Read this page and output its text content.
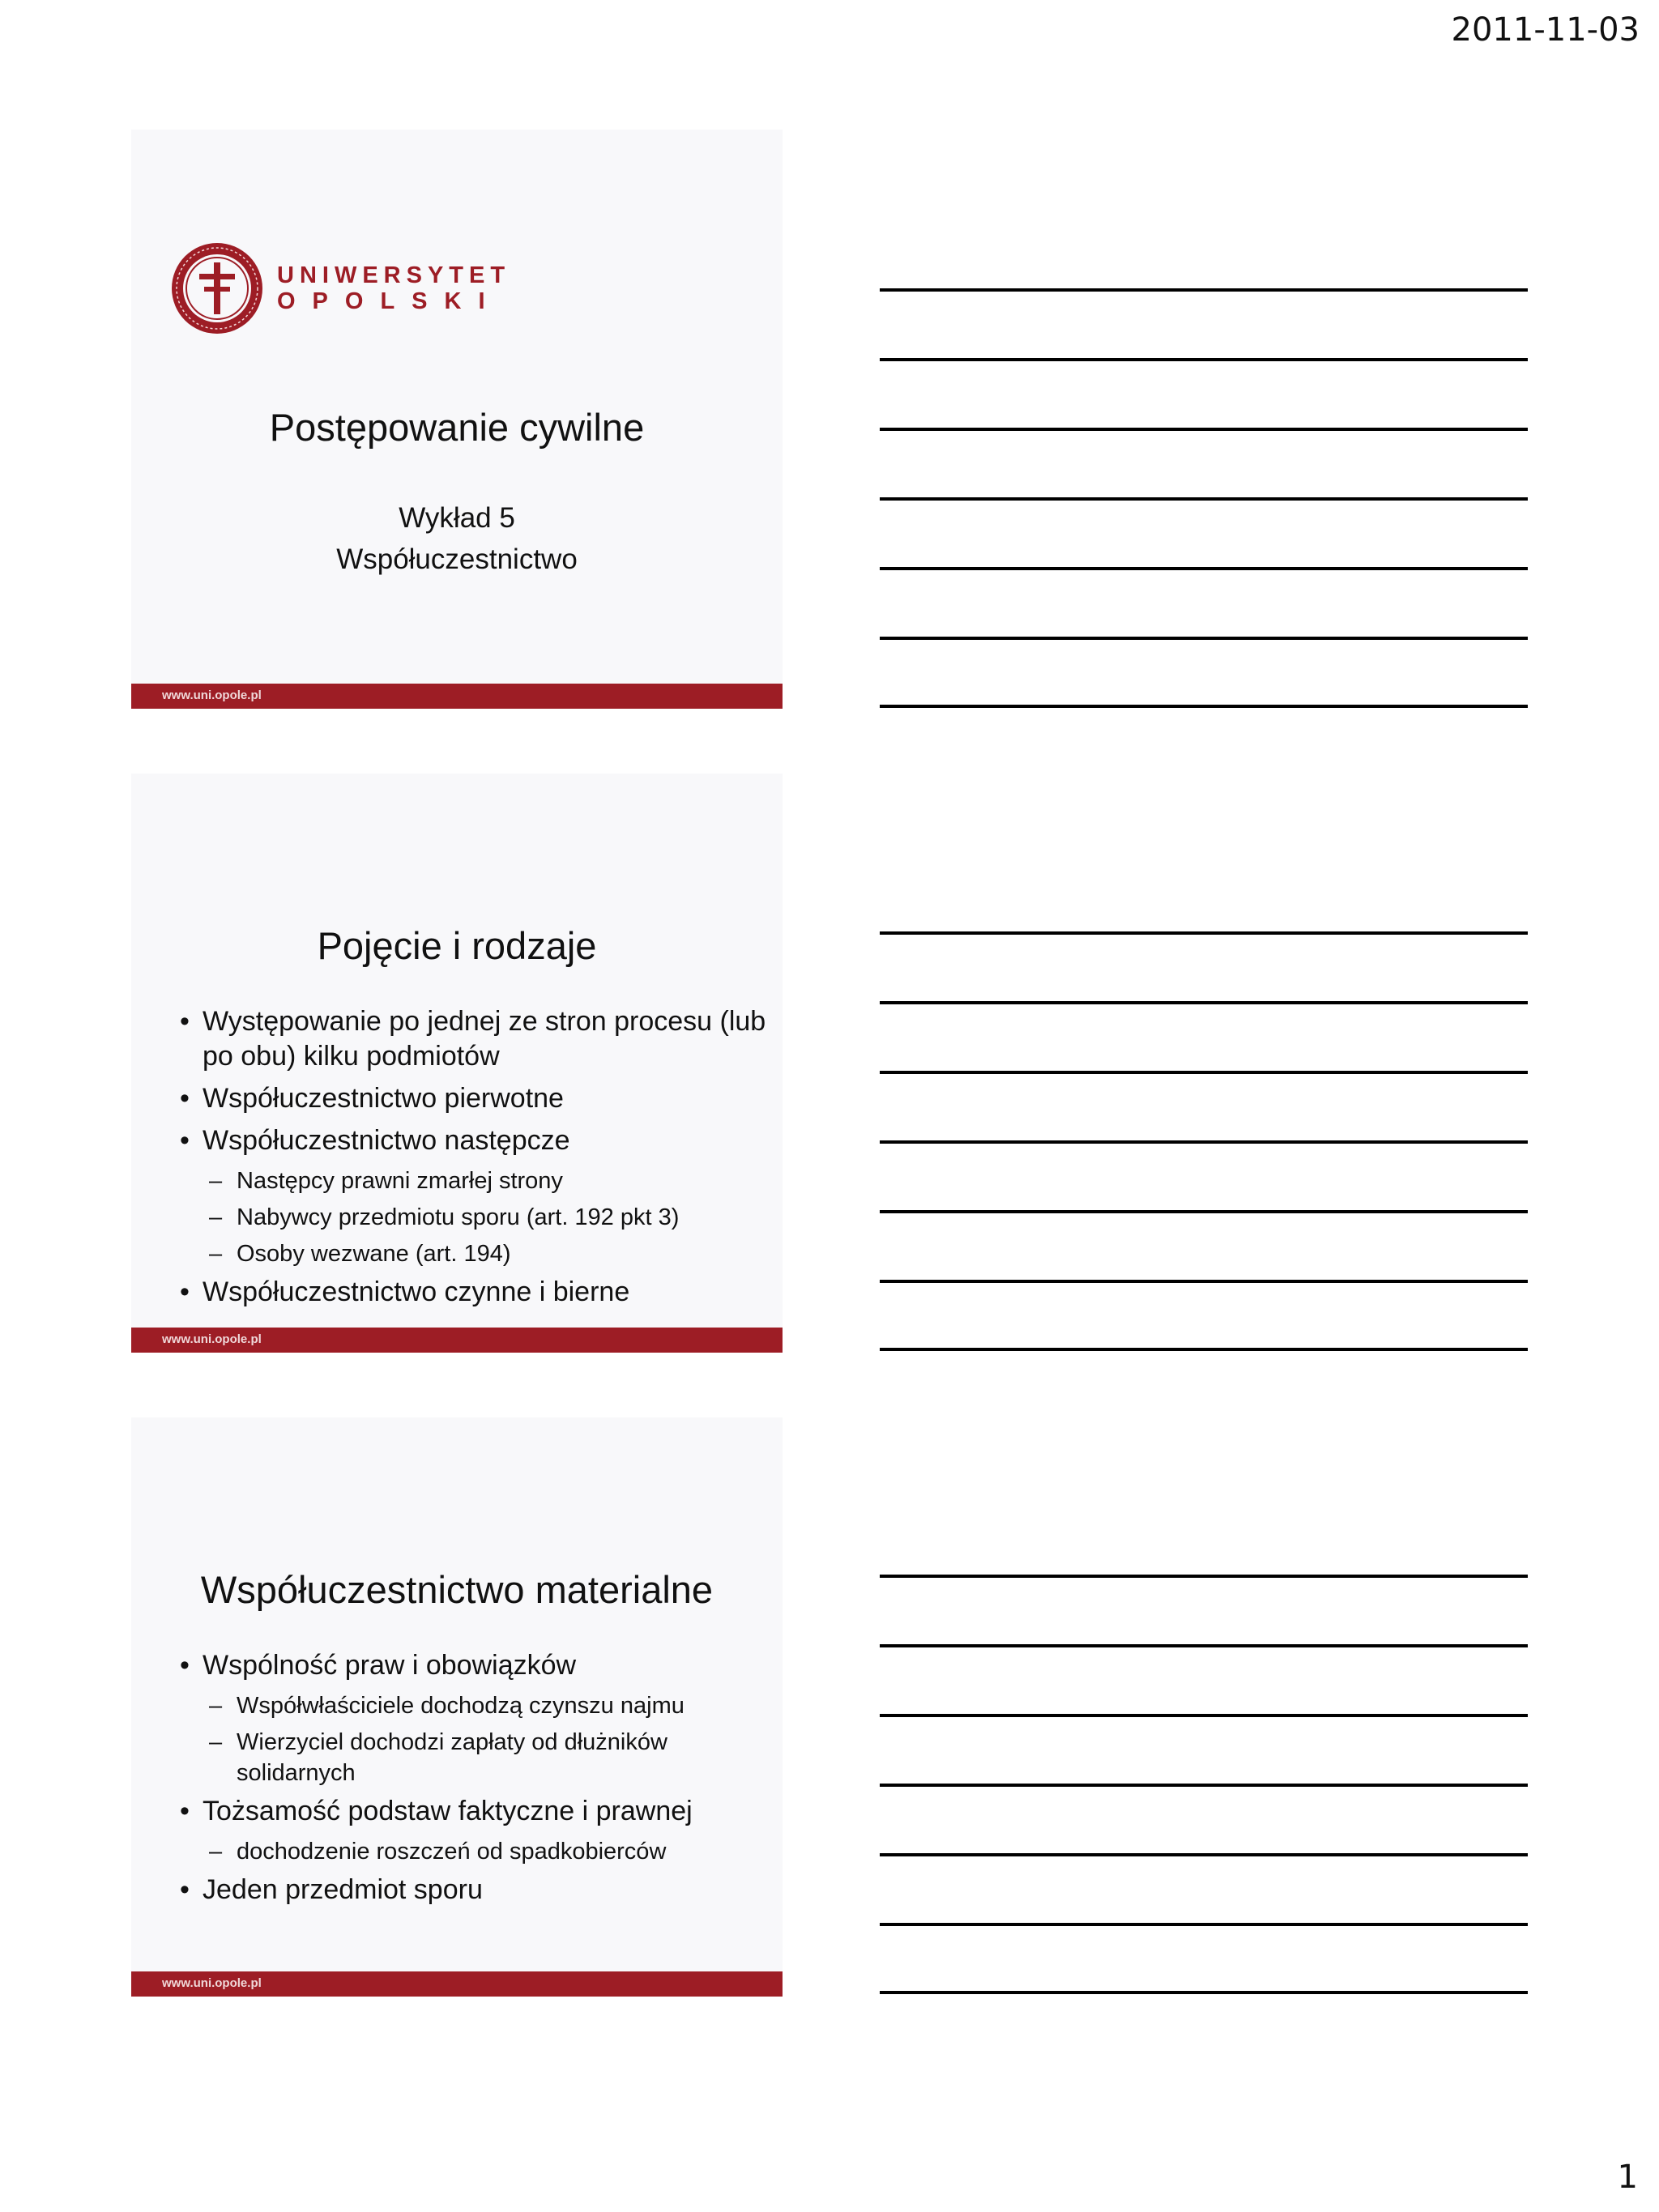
2011-11-03
UNIWERSYTET
OPOLSKI
Postępowanie cywilne
Wykład 5
Współuczestnictwo
www.uni.opole.pl
Pojęcie i rodzaje
• Występowanie po jednej ze stron procesu (lub po obu) kilku podmiotów
• Współuczestnictwo pierwotne
• Współuczestnictwo następcze
– Następcy prawni zmarłej strony
– Nabywcy przedmiotu sporu (art. 192 pkt 3)
– Osoby wezwane (art. 194)
• Współuczestnictwo czynne i bierne
www.uni.opole.pl
Współuczestnictwo materialne
• Wspólność praw i obowiązków
– Współwłaściciele dochodzą czynszu najmu
– Wierzyciel dochodzi zapłaty od dłużników solidarnych
• Tożsamość podstaw faktyczne i prawnej
– dochodzenie roszczeń od spadkobierców
• Jeden przedmiot sporu
www.uni.opole.pl
1
